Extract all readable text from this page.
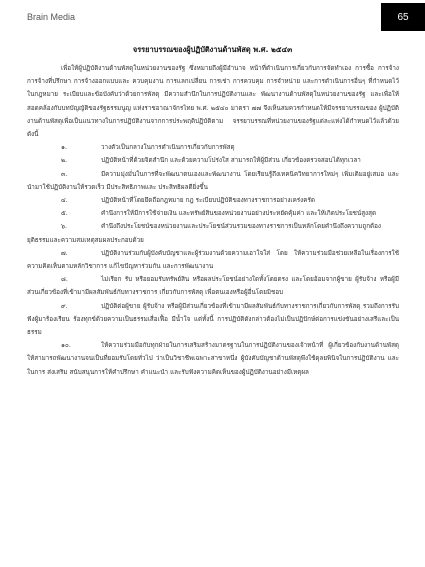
Brain Media	65
จรรยาบรรณของผู้ปฏิบัติงานด้านพัสดุ พ.ศ. ๒๕๔๓

เพื่อให้ผู้ปฏิบัติงานด้านพัสดุในหน่วยงานของรัฐ ซึ่งหมายถึงผู้มีอำนาจ หน้าที่ดำเนินการเกี่ยวกับการจัดทำเอง การซื้อ การจ้าง การจ้างที่ปรึกษา การจ้างออกแบบและ ควบคุมงาน การแลกเปลี่ยน การเช่า การควบคุม การจำหน่าย และการดำเนินการอื่นๆ ที่กำหนดไว้ในกฎหมาย ระเบียบและข้อบังคับว่าด้วยการพัสดุ มีความสำนึกในการปฏิบัติงานและ พัฒนางานด้านพัสดุในหน่วยงานของรัฐ และเพื่อให้สอดคล้องกับบทบัญญัติของรัฐธรรมนูญ แห่งราชอาณาจักรไทย พ.ศ. ๒๕๔๐ มาตรา ๗๗ จึงเห็นสมควรกำหนดให้มีจรรยาบรรณของ ผู้ปฏิบัติงานด้านพัสดุเพื่อเป็นแนวทางในการปฏิบัติงานจากการประพฤติปฏิบัติตาม จรรยาบรรณที่หน่วยงานของรัฐแต่ละแห่งได้กำหนดไว้แล้วด้วย ดังนี้

๑.	วางตัวเป็นกลางในการดำเนินการเกี่ยวกับการพัสดุ

๒.	ปฏิบัติหน้าที่ด้วยจิตสำนึก และด้วยความโปร่งใส สามารถให้ผู้มีส่วน เกี่ยวข้องตรวจสอบได้ทุกเวลา

๓.	มีความมุ่งมั่นในการที่จะพัฒนาตนเองและพัฒนางาน โดยเรียนรู้ถึงเทคนิควิทยาการใหม่ๆ เพิ่มเติมอยู่เสมอ และนำมาใช้ปฏิบัติงานให้รวดเร็ว มีประสิทธิภาพและ ประสิทธิผลดียิ่งขึ้น

๔.	ปฏิบัติหน้าที่โดยยึดถือกฎหมาย กฎ ระเบียบปฏิบัติของทางราชการอย่างเคร่งครัด

๕.	คำนึงการให้มีการใช้จ่ายเงิน และทรัพย์สินของหน่วยงานอย่างประหยัดคุ้มค่า และให้เกิดประโยชน์สูงสุด

๖.	คำนึงถึงประโยชน์ของหน่วยงานและประโยชน์ส่วนรวมของทางราชการเป็นหลักโดยคำนึงถึงความถูกต้อง ยุติธรรมและความสมเหตุสมผลประกอบด้วย

๗.	ปฏิบัติงานร่วมกับผู้บังคับบัญชาและผู้ร่วมงานด้วยความเอาใจใส่ โดย ให้ความร่วมมือช่วยเหลือในเรื่องการใช้ความคิดเห็นตามหลักวิชาการ แก้ไขปัญหาร่วมกัน และการพัฒนางาน

๘.	ไม่เรียก รับ หรือยอมรับทรัพย์สิน หรือผลประโยชน์อย่างใดทั้งโดยตรง และโดยอ้อมจากผู้ขาย ผู้รับจ้าง หรือผู้มีส่วนเกี่ยวข้องที่เข้ามามีผลสัมพันธ์กับทางราชการ เกี่ยวกับการพัสดุ เพื่อตนเองหรือผู้อื่นโดยมิชอบ

๙.	ปฏิบัติต่อผู้ขาย ผู้รับจ้าง หรือผู้มีส่วนเกี่ยวข้องที่เข้ามามีผลสัมพันธ์กับทางราชการเกี่ยวกับการพัสดุ รวมถึงการรับฟังผู้มาร้องเรียน ร้องทุกข์ด้วยความเป็นธรรมเสื่อเฟื้อ มีน้ำใจ แต่ทั้งนี้ การปฏิบัติดังกล่าวต้องไม่เป็นปฏิปักษ์ต่อการแข่งขันอย่างเสรีและเป็นธรรม

๑๐.	ให้ความร่วมมือกับทุกฝ่ายในการเสริมสร้างมาตรฐานในการปฏิบัติงานของเจ้าหน้าที่ ผู้เกี่ยวข้องกับงานด้านพัสดุ ให้สามารถพัฒนางานจนเป็นที่ยอมรับโดยทั่วไป ว่าเป็นวิชาชีพเฉพาะสาขาหนึ่ง ผู้บังคับบัญชาด้านพัสดุพึงใช้ดุลยพินิจในการปฏิบัติงาน และในการ ส่งเสริม สนับสนุนการให้คำปรึกษา คำแนะนำ และรับฟังความคิดเห็นของผู้ปฏิบัติงานอย่างมีเหตุผล
